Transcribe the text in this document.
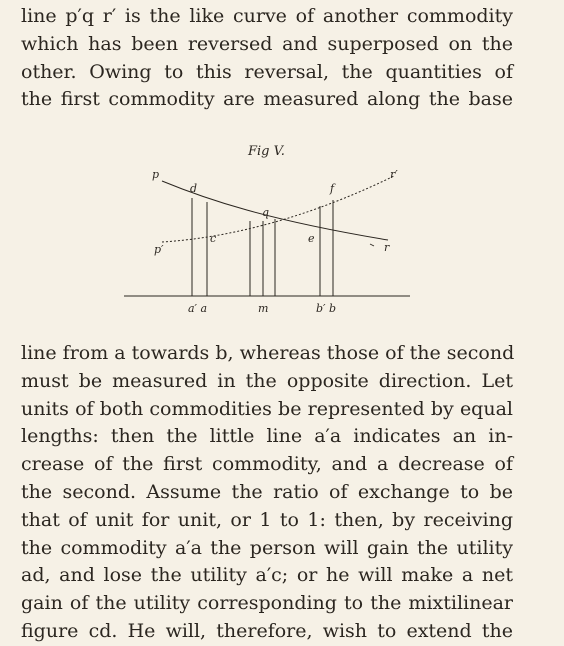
line p′q r′ is the like curve of another commodity
which has been reversed and superposed on the
other. Owing to this reversal, the quantities of
the first commodity are measured along the base
Fig V.
p
d
c
q
e
f
r′
p′	r
a′ a	m	b′ b
line from a towards b, whereas those of the second
must be measured in the opposite direction. Let
units of both commodities be represented by equal
lengths: then the little line a′a indicates an in-
crease of the first commodity, and a decrease of
the second. Assume the ratio of exchange to be
that of unit for unit, or 1 to 1: then, by receiving
the commodity a′a the person will gain the utility
ad, and lose the utility a′c; or he will make a net
gain of the utility corresponding to the mixtilinear
figure cd. He will, therefore, wish to extend the
